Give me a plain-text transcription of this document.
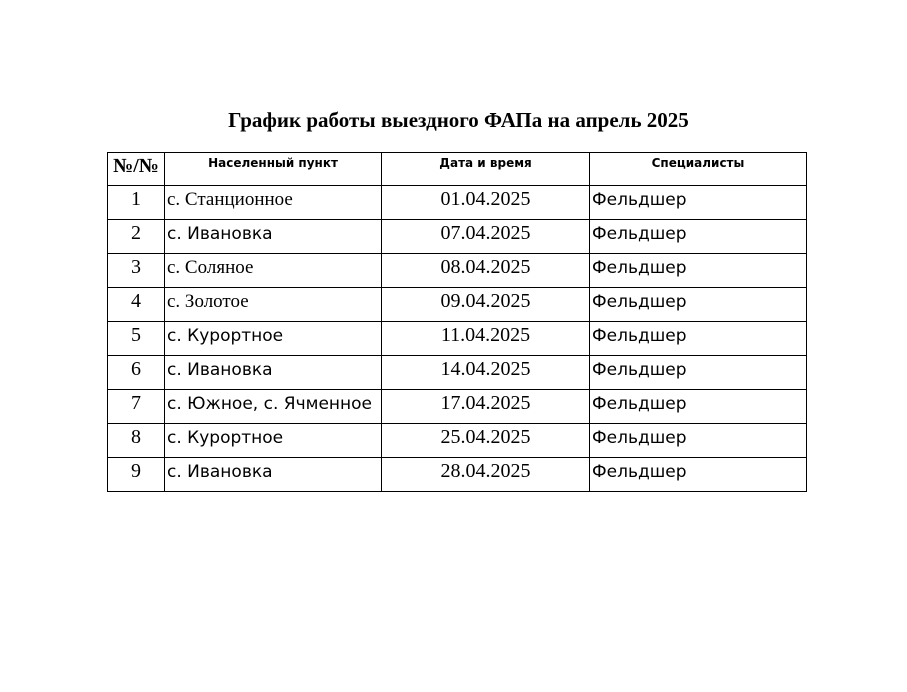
График работы выездного ФАПа на апрель 2025
№/№	Населенный пункт	Дата и время	Специалисты
1	с. Станционное	01.04.2025	Фельдшер
2	с. Ивановка	07.04.2025	Фельдшер
3	с. Соляное	08.04.2025	Фельдшер
4	с. Золотое	09.04.2025	Фельдшер
5	с. Курортное	11.04.2025	Фельдшер
6	с. Ивановка	14.04.2025	Фельдшер
7	с. Южное, с. Ячменное	17.04.2025	Фельдшер
8	с. Курортное	25.04.2025	Фельдшер
9	с. Ивановка	28.04.2025	Фельдшер
